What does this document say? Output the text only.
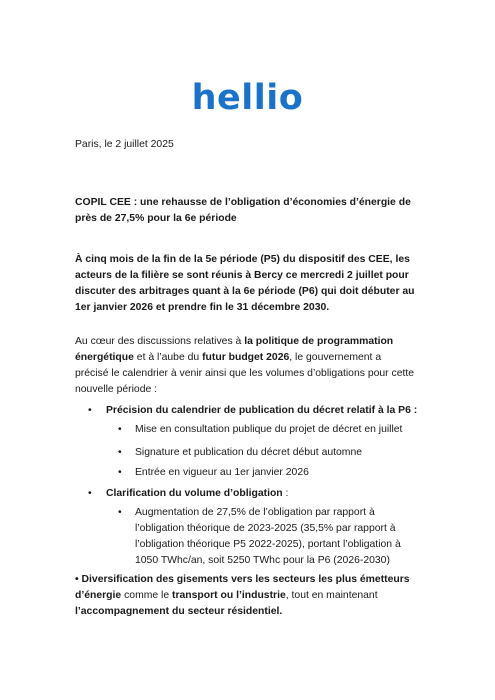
hellio
Paris, le 2 juillet 2025
COPIL CEE : une rehausse de l’obligation d’économies d’énergie de près de 27,5% pour la 6e période
À cinq mois de la fin de la 5e période (P5) du dispositif des CEE, les acteurs de la filière se sont réunis à Bercy ce mercredi 2 juillet pour discuter des arbitrages quant à la 6e période (P6) qui doit débuter au 1er janvier 2026 et prendre fin le 31 décembre 2030.
Au cœur des discussions relatives à la politique de programmation énergétique et à l’aube du futur budget 2026, le gouvernement a précisé le calendrier à venir ainsi que les volumes d’obligations pour cette nouvelle période :
• Précision du calendrier de publication du décret relatif à la P6 :
• Mise en consultation publique du projet de décret en juillet
• Signature et publication du décret début automne
• Entrée en vigueur au 1er janvier 2026
• Clarification du volume d’obligation :
• Augmentation de 27,5% de l’obligation par rapport à l’obligation théorique de 2023-2025 (35,5% par rapport à l’obligation théorique P5 2022-2025), portant l’obligation à 1050 TWhc/an, soit 5250 TWhc pour la P6 (2026-2030)
• Diversification des gisements vers les secteurs les plus émetteurs d’énergie comme le transport ou l’industrie, tout en maintenant l’accompagnement du secteur résidentiel.
